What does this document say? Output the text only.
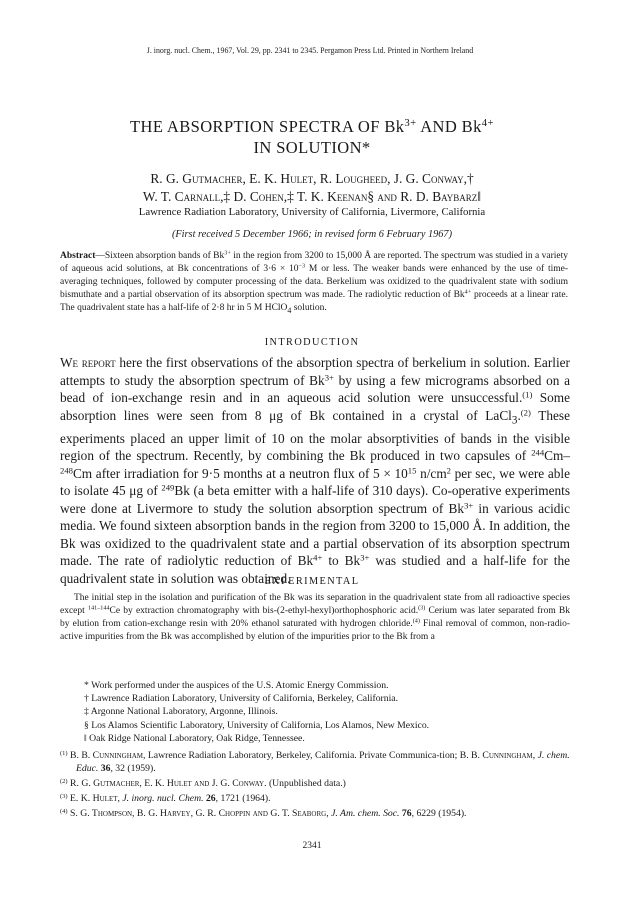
J. inorg. nucl. Chem., 1967, Vol. 29, pp. 2341 to 2345. Pergamon Press Ltd. Printed in Northern Ireland
THE ABSORPTION SPECTRA OF $Bk^{3+}$ AND $Bk^{4+}$
IN SOLUTION*
R. G. Gutmacher, E. K. Hulet, R. Lougheed, J. G. Conway,†
W. T. Carnall,‡ D. Cohen,‡ T. K. Keenan§ and R. D. Baybarz‖
Lawrence Radiation Laboratory, University of California, Livermore, California
(First received 5 December 1966; in revised form 6 February 1967)
Abstract—Sixteen absorption bands of $Bk^{3+}$ in the region from 3200 to 15,000 Å are reported. The spectrum was studied in a variety of aqueous acid solutions, at Bk concentrations of $3\cdot 6 \times 10^{-3}$ M or less. The weaker bands were enhanced by the use of time-averaging techniques, followed by computer processing of the data. Berkelium was oxidized to the quadrivalent state with sodium bismuthate and a partial observation of its absorption spectrum was made. The radiolytic reduction of $Bk^{4+}$ proceeds at a linear rate. The quadrivalent state has a half-life of 2·8 hr in 5 M HClO$_4$ solution.
INTRODUCTION
We report here the first observations of the absorption spectra of berkelium in solution. Earlier attempts to study the absorption spectrum of $Bk^{3+}$ by using a few micrograms absorbed on a bead of ion-exchange resin and in an aqueous acid solution were unsuccessful.$^{(1)}$ Some absorption lines were seen from 8 μg of Bk contained in a crystal of LaCl$_3$.$^{(2)}$ These experiments placed an upper limit of 10 on the molar absorptivities of bands in the visible region of the spectrum. Recently, by combining the Bk produced in two capsules of $^{244}$Cm–$^{248}$Cm after irradiation for 9·5 months at a neutron flux of $5 \times 10^{15}$ $n/cm^2$ per sec, we were able to isolate 45 μg of $^{249}$Bk (a beta emitter with a half-life of 310 days). Co-operative experiments were done at Livermore to study the solution absorption spectrum of $Bk^{3+}$ in various acidic media. We found sixteen absorption bands in the region from 3200 to 15,000 Å. In addition, the Bk was oxidized to the quadrivalent state and a partial observation of its absorption spectrum made. The rate of radiolytic reduction of $Bk^{4+}$ to $Bk^{3+}$ was studied and a half-life for the quadrivalent state in solution was obtained.
EXPERIMENTAL
The initial step in the isolation and purification of the Bk was its separation in the quadrivalent state from all radioactive species except $^{141-144}$Ce by extraction chromatography with bis-(2-ethyl-hexyl)orthophosphoric acid.$^{(3)}$ Cerium was later separated from Bk by elution from cation-exchange resin with 20% ethanol saturated with hydrogen chloride.$^{(4)}$ Final removal of common, non-radio-active impurities from the Bk was accomplished by elution of the impurities prior to the Bk from a
* Work performed under the auspices of the U.S. Atomic Energy Commission.
† Lawrence Radiation Laboratory, University of California, Berkeley, California.
‡ Argonne National Laboratory, Argonne, Illinois.
§ Los Alamos Scientific Laboratory, University of California, Los Alamos, New Mexico.
‖ Oak Ridge National Laboratory, Oak Ridge, Tennessee.
$^{(1)}$ B. B. Cunningham, Lawrence Radiation Laboratory, Berkeley, California. Private Communica-tion; B. B. Cunningham, J. chem. Educ. 36, 32 (1959).
$^{(2)}$ R. G. Gutmacher, E. K. Hulet and J. G. Conway. (Unpublished data.)
$^{(3)}$ E. K. Hulet, J. inorg. nucl. Chem. 26, 1721 (1964).
$^{(4)}$ S. G. Thompson, B. G. Harvey, G. R. Choppin and G. T. Seaborg, J. Am. chem. Soc. 76, 6229 (1954).
2341
